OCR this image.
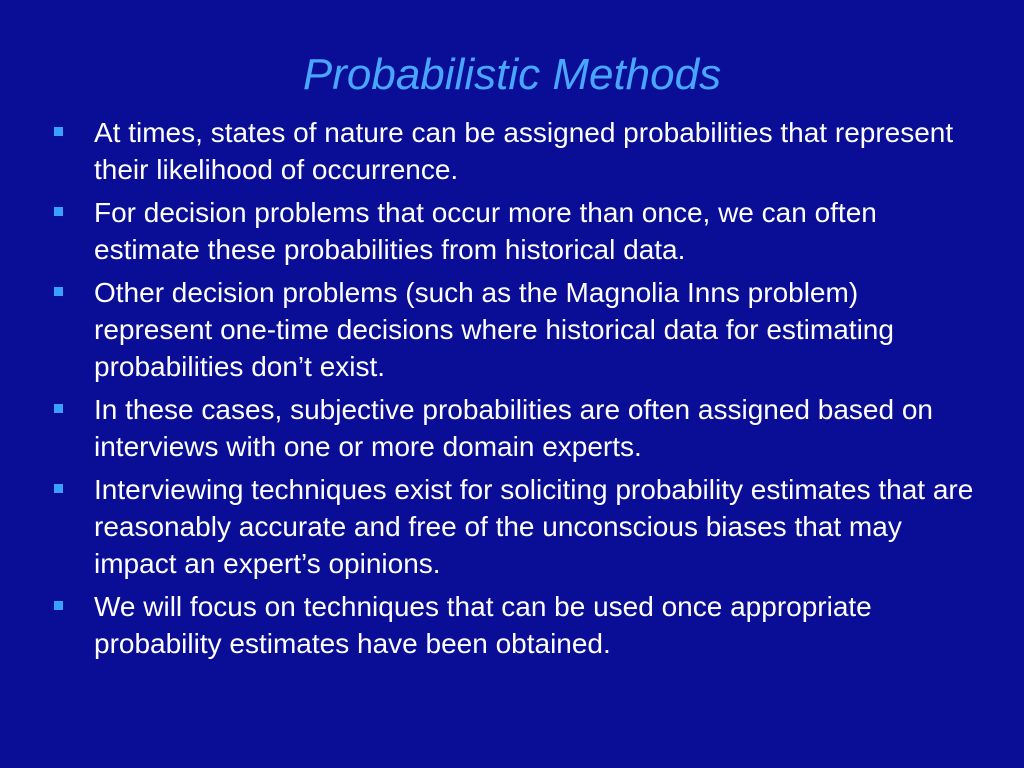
Probabilistic Methods
At times, states of nature can be assigned probabilities that represent their likelihood of occurrence.
For decision problems that occur more than once, we can often estimate these probabilities from historical data.
Other decision problems (such as the Magnolia Inns problem) represent one-time decisions where historical data for estimating probabilities don’t exist.
In these cases, subjective probabilities are often assigned based on interviews with one or more domain experts.
Interviewing techniques exist for soliciting probability estimates that are reasonably accurate and free of the unconscious biases that may impact an expert’s opinions.
We will focus on techniques that can be used once appropriate probability estimates have been obtained.
